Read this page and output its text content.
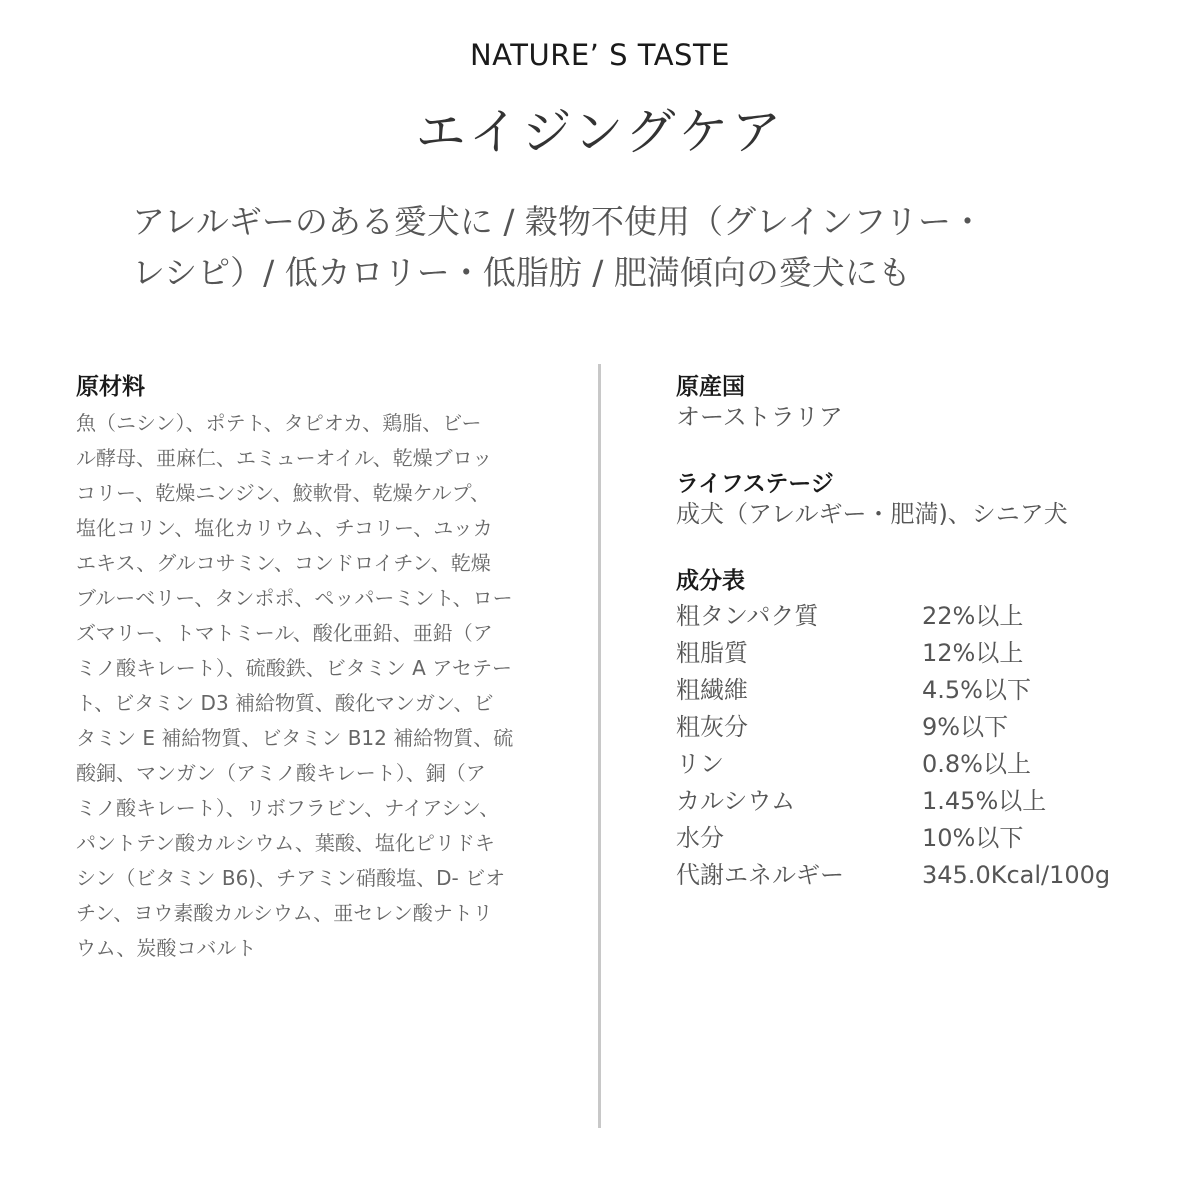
NATURE’ S TASTE
エイジングケア
アレルギーのある愛犬に / 穀物不使用（グレインフリー・
レシピ）/ 低カロリー・低脂肪 / 肥満傾向の愛犬にも
原材料
魚（ニシン）、ポテト、タピオカ、鶏脂、ビー
ル酵母、亜麻仁、エミューオイル、乾燥ブロッ
コリー、乾燥ニンジン、鮫軟骨、乾燥ケルプ、
塩化コリン、塩化カリウム、チコリー、ユッカ
エキス、グルコサミン、コンドロイチン、乾燥
ブルーベリー、タンポポ、ペッパーミント、ロー
ズマリー、トマトミール、酸化亜鉛、亜鉛（ア
ミノ酸キレート）、硫酸鉄、ビタミン A アセテー
ト、ビタミン D3 補給物質、酸化マンガン、ビ
タミン E 補給物質、ビタミン B12 補給物質、硫
酸銅、マンガン（アミノ酸キレート）、銅（ア
ミノ酸キレート）、リボフラビン、ナイアシン、
パントテン酸カルシウム、葉酸、塩化ピリドキ
シン（ビタミン B6)、チアミン硝酸塩、D- ビオ
チン、ヨウ素酸カルシウム、亜セレン酸ナトリ
ウム、炭酸コバルト
原産国
オーストラリア
ライフステージ
成犬（アレルギー・肥満)、シニア犬
成分表
粗タンパク質	22%以上
粗脂質	12%以上
粗繊維	4.5%以下
粗灰分	9%以下
リン	0.8%以上
カルシウム	1.45%以上
水分	10%以下
代謝エネルギー	345.0Kcal/100g
